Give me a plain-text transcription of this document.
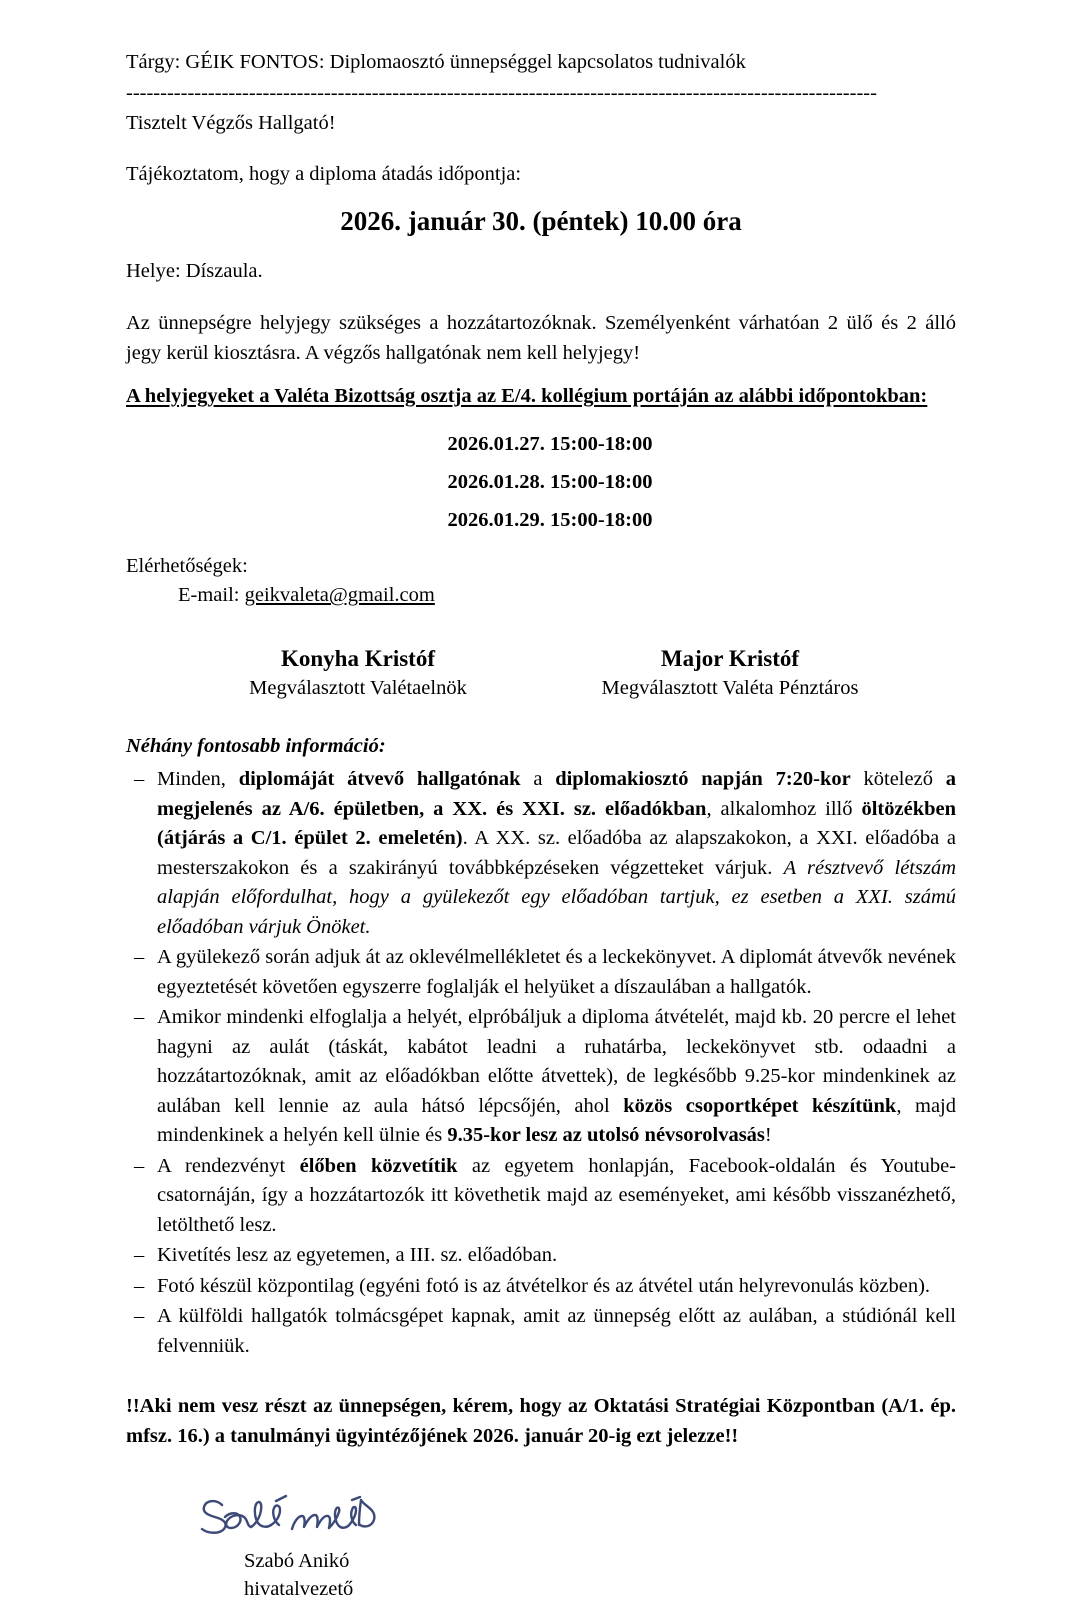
Tárgy: GÉIK FONTOS: Diplomaosztó ünnepséggel kapcsolatos tudnivalók

--------------------------------------------------------------------------------------------------------------

Tisztelt Végzős Hallgató!

Tájékoztatom, hogy a diploma átadás időpontja:

2026. január 30. (péntek) 10.00 óra

Helye: Díszaula.

Az ünnepségre helyjegy szükséges a hozzátartozóknak. Személyenként várhatóan 2 ülő és 2 álló jegy kerül kiosztásra. A végzős hallgatónak nem kell helyjegy!

A helyjegyeket a Valéta Bizottság osztja az E/4. kollégium portáján az alábbi időpontokban:

2026.01.27. 15:00-18:00

2026.01.28. 15:00-18:00

2026.01.29. 15:00-18:00

Elérhetőségek:

E-mail: geikvaleta@gmail.com

Konyha Kristóf
Megválasztott Valétaelnök
Major Kristóf
Megválasztott Valéta Pénztáros

Néhány fontosabb információ:

– Minden, diplomáját átvevő hallgatónak a diplomakiosztó napján 7:20-kor kötelező a megjelenés az A/6. épületben, a XX. és XXI. sz. előadókban, alkalomhoz illő öltözékben (átjárás a C/1. épület 2. emeletén). A XX. sz. előadóba az alapszakokon, a XXI. előadóba a mesterszakokon és a szakirányú továbbképzéseken végzetteket várjuk. A résztvevő létszám alapján előfordulhat, hogy a gyülekezőt egy előadóban tartjuk, ez esetben a XXI. számú előadóban várjuk Önöket.
– A gyülekező során adjuk át az oklevélmellékletet és a leckekönyvet. A diplomát átvevők nevének egyeztetését követően egyszerre foglalják el helyüket a díszaulában a hallgatók.
– Amikor mindenki elfoglalja a helyét, elpróbáljuk a diploma átvételét, majd kb. 20 percre el lehet hagyni az aulát (táskát, kabátot leadni a ruhatárba, leckekönyvet stb. odaadni a hozzátartozóknak, amit az előadókban előtte átvettek), de legkésőbb 9.25-kor mindenkinek az aulában kell lennie az aula hátsó lépcsőjén, ahol közös csoportképet készítünk, majd mindenkinek a helyén kell ülnie és 9.35-kor lesz az utolsó névsorolvasás!
– A rendezvényt élőben közvetítik az egyetem honlapján, Facebook-oldalán és Youtube-csatornáján, így a hozzátartozók itt követhetik majd az eseményeket, ami később visszanézhető, letölthető lesz.
– Kivetítés lesz az egyetemen, a III. sz. előadóban.
– Fotó készül központilag (egyéni fotó is az átvételkor és az átvétel után helyrevonulás közben).
– A külföldi hallgatók tolmácsgépet kapnak, amit az ünnepség előtt az aulában, a stúdiónál kell felvenniük.

!!Aki nem vesz részt az ünnepségen, kérem, hogy az Oktatási Stratégiai Központban (A/1. ép. mfsz. 16.) a tanulmányi ügyintézőjének 2026. január 20-ig ezt jelezze!!

Szabó Anikó
hivatalvezető
